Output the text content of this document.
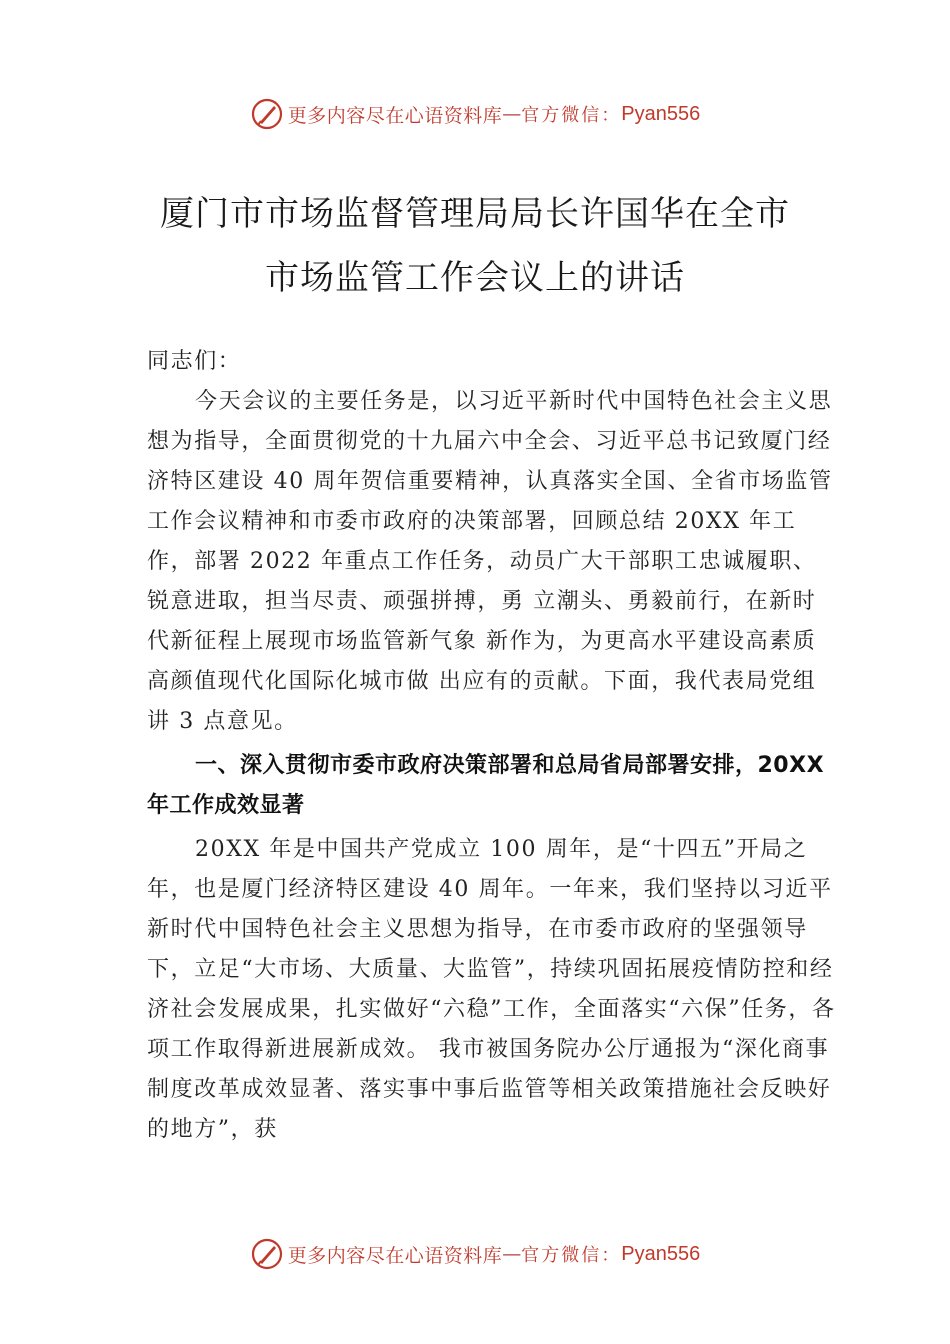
更多内容尽在心语资料库 — 官方微信： Pyan556
厦门市市场监督管理局局长许国华在全市
市场监管工作会议上的讲话
同志们：
今天会议的主要任务是，以习近平新时代中国特色社会主义思想为指导，全面贯彻党的十九届六中全会、习近平总书记致厦门经济特区建设 40 周年贺信重要精神，认真落实全国、全省市场监管工作会议精神和市委市政府的决策部署，回顾总结 20XX 年工作，部署 2022 年重点工作任务，动员广大干部职工忠诚履职、锐意进取，担当尽责、顽强拼搏，勇 立潮头、勇毅前行，在新时代新征程上展现市场监管新气象 新作为，为更高水平建设高素质高颜值现代化国际化城市做 出应有的贡献。下面，我代表局党组讲 3 点意见。
一、深入贯彻市委市政府决策部署和总局省局部署安排，20XX 年工作成效显著
20XX 年是中国共产党成立 100 周年，是“十四五”开局之年，也是厦门经济特区建设 40 周年。一年来，我们坚持以习近平新时代中国特色社会主义思想为指导，在市委市政府的坚强领导下，立足“大市场、大质量、大监管”，持续巩固拓展疫情防控和经济社会发展成果，扎实做好“六稳”工作，全面落实“六保”任务，各项工作取得新进展新成效。 我市被国务院办公厅通报为“深化商事制度改革成效显著、落实事中事后监管等相关政策措施社会反映好的地方”，获
更多内容尽在心语资料库 — 官方微信： Pyan556
